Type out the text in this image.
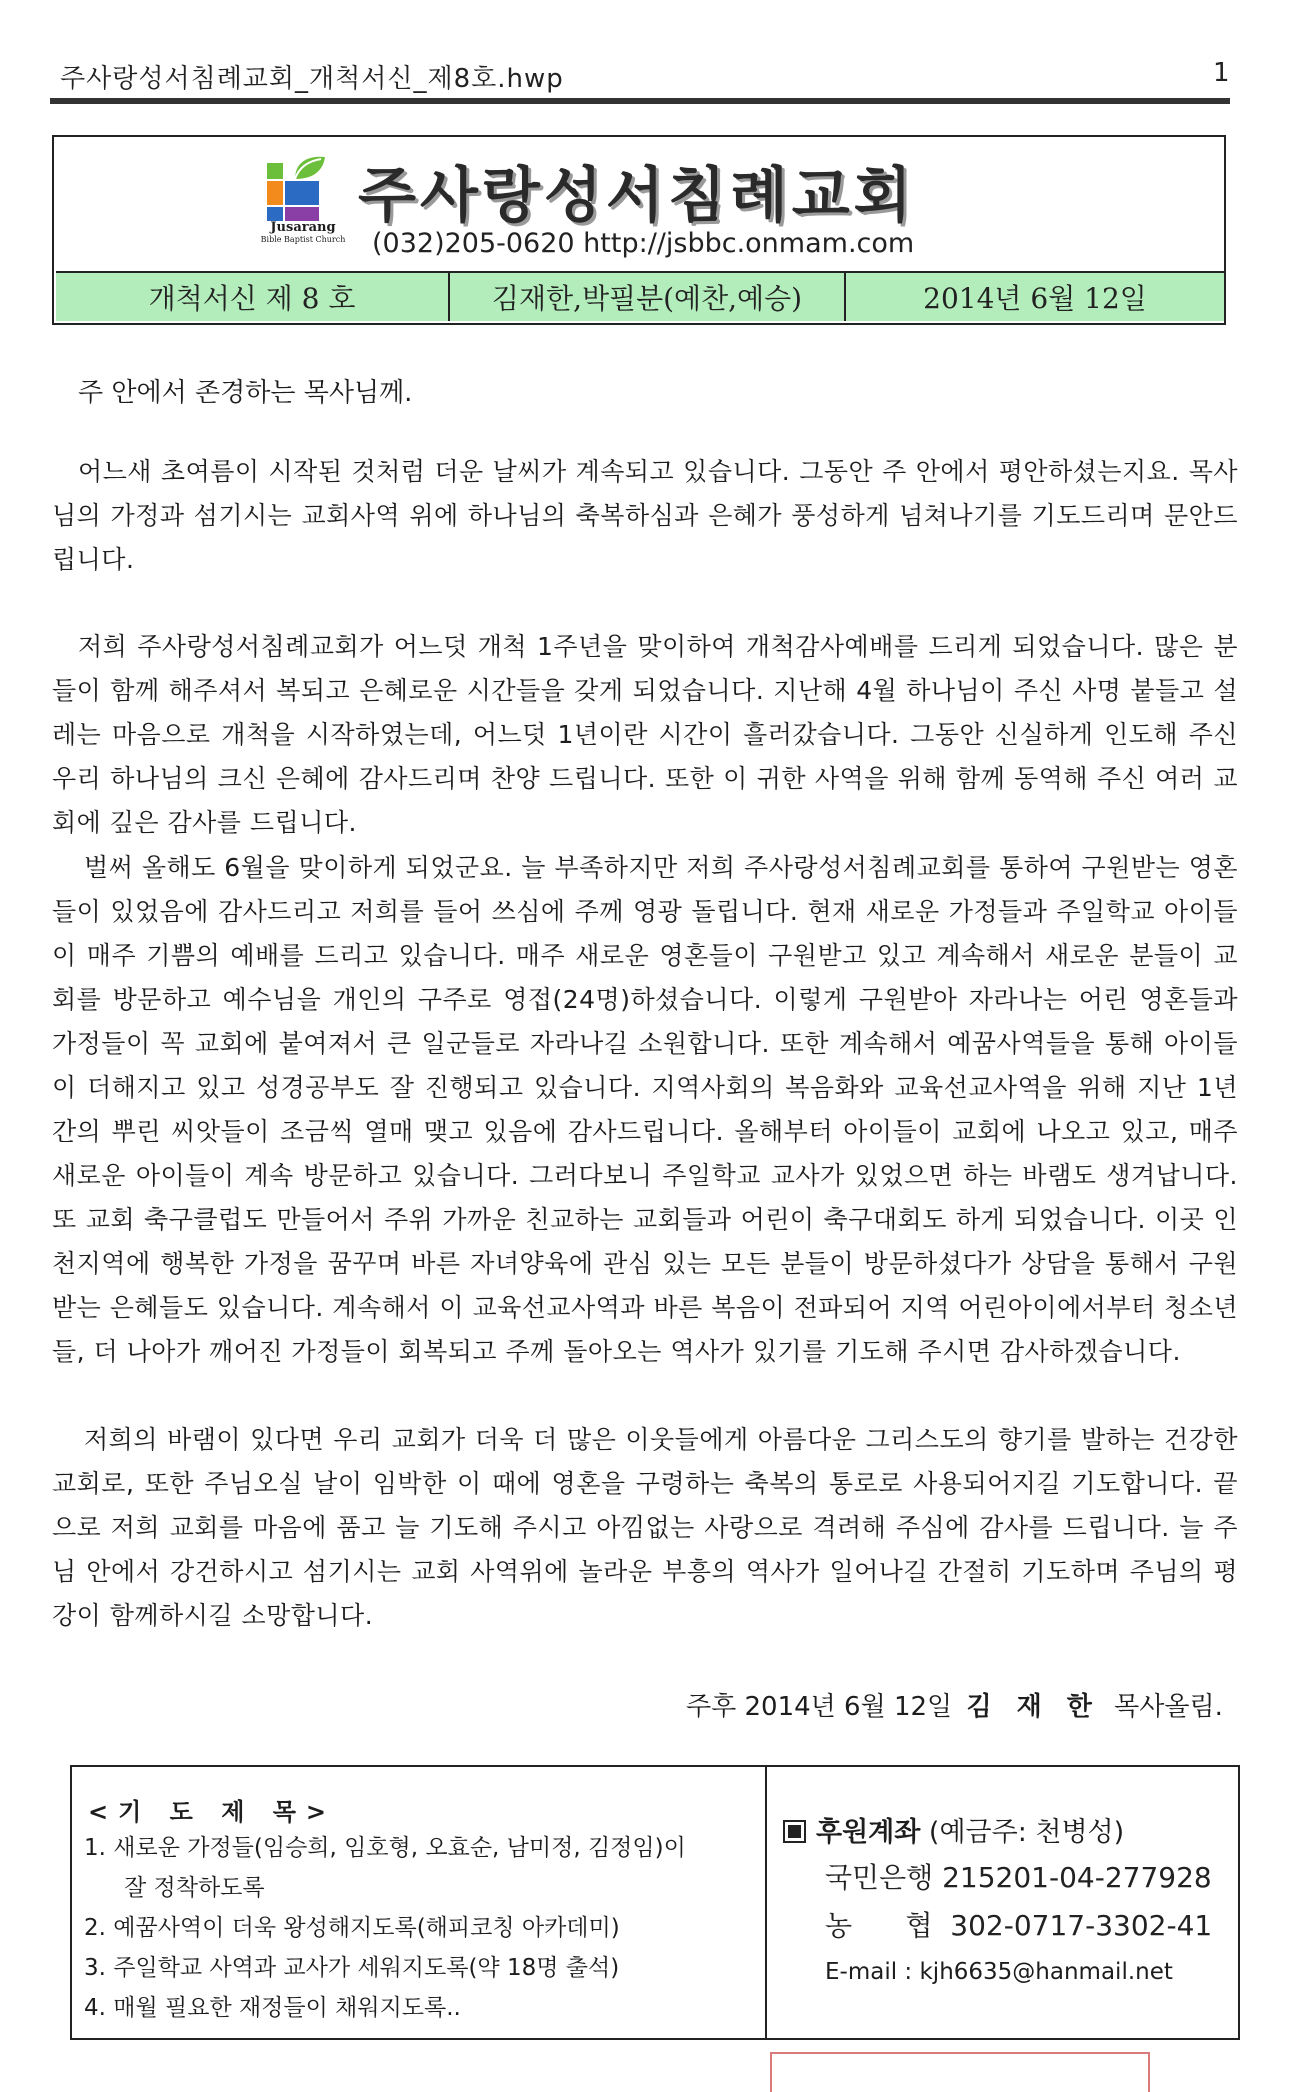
주사랑성서침례교회_개척서신_제8호.hwp	1
Jusarang
Bible Baptist Church
주사랑성서침례교회
(032)205-0620 http://jsbbc.onmam.com
개척서신 제 8 호	김재한,박필분(예찬,예승)	2014년 6월 12일
주 안에서 존경하는 목사님께.
어느새 초여름이 시작된 것처럼 더운 날씨가 계속되고 있습니다. 그동안 주 안에서 평안하셨는지요. 목사님의 가정과 섬기시는 교회사역 위에 하나님의 축복하심과 은혜가 풍성하게 넘쳐나기를 기도드리며 문안드립니다.
저희 주사랑성서침례교회가 어느덧 개척 1주년을 맞이하여 개척감사예배를 드리게 되었습니다. 많은 분들이 함께 해주셔서 복되고 은혜로운 시간들을 갖게 되었습니다. 지난해 4월 하나님이 주신 사명 붙들고 설레는 마음으로 개척을 시작하였는데, 어느덧 1년이란 시간이 흘러갔습니다. 그동안 신실하게 인도해 주신 우리 하나님의 크신 은혜에 감사드리며 찬양 드립니다. 또한 이 귀한 사역을 위해 함께 동역해 주신 여러 교회에 깊은 감사를 드립니다.
벌써 올해도 6월을 맞이하게 되었군요. 늘 부족하지만 저희 주사랑성서침례교회를 통하여 구원받는 영혼들이 있었음에 감사드리고 저희를 들어 쓰심에 주께 영광 돌립니다. 현재 새로운 가정들과 주일학교 아이들이 매주 기쁨의 예배를 드리고 있습니다. 매주 새로운 영혼들이 구원받고 있고 계속해서 새로운 분들이 교회를 방문하고 예수님을 개인의 구주로 영접(24명)하셨습니다. 이렇게 구원받아 자라나는 어린 영혼들과 가정들이 꼭 교회에 붙여져서 큰 일군들로 자라나길 소원합니다. 또한 계속해서 예꿈사역들을 통해 아이들이 더해지고 있고 성경공부도 잘 진행되고 있습니다. 지역사회의 복음화와 교육선교사역을 위해 지난 1년간의 뿌린 씨앗들이 조금씩 열매 맺고 있음에 감사드립니다. 올해부터 아이들이 교회에 나오고 있고, 매주 새로운 아이들이 계속 방문하고 있습니다. 그러다보니 주일학교 교사가 있었으면 하는 바램도 생겨납니다. 또 교회 축구클럽도 만들어서 주위 가까운 친교하는 교회들과 어린이 축구대회도 하게 되었습니다. 이곳 인천지역에 행복한 가정을 꿈꾸며 바른 자녀양육에 관심 있는 모든 분들이 방문하셨다가 상담을 통해서 구원받는 은혜들도 있습니다. 계속해서 이 교육선교사역과 바른 복음이 전파되어 지역 어린아이에서부터 청소년들, 더 나아가 깨어진 가정들이 회복되고 주께 돌아오는 역사가 있기를 기도해 주시면 감사하겠습니다.
저희의 바램이 있다면 우리 교회가 더욱 더 많은 이웃들에게 아름다운 그리스도의 향기를 발하는 건강한 교회로, 또한 주님오실 날이 임박한 이 때에 영혼을 구령하는 축복의 통로로 사용되어지길 기도합니다. 끝으로 저희 교회를 마음에 품고 늘 기도해 주시고 아낌없는 사랑으로 격려해 주심에 감사를 드립니다. 늘 주님 안에서 강건하시고 섬기시는 교회 사역위에 놀라운 부흥의 역사가 일어나길 간절히 기도하며 주님의 평강이 함께하시길 소망합니다.
주후 2014년 6월 12일 김 재 한 목사올림.
<기 도 제 목>
1. 새로운 가정들(임승희, 임호형, 오효순, 남미정, 김정임)이
잘 정착하도록
2. 예꿈사역이 더욱 왕성해지도록(해피코칭 아카데미)
3. 주일학교 사역과 교사가 세워지도록(약 18명 출석)
4. 매월 필요한 재정들이 채워지도록..
후원계좌 (예금주: 천병성)
국민은행 215201-04-277928
농      협  302-0717-3302-41
E-mail : kjh6635@hanmail.net
